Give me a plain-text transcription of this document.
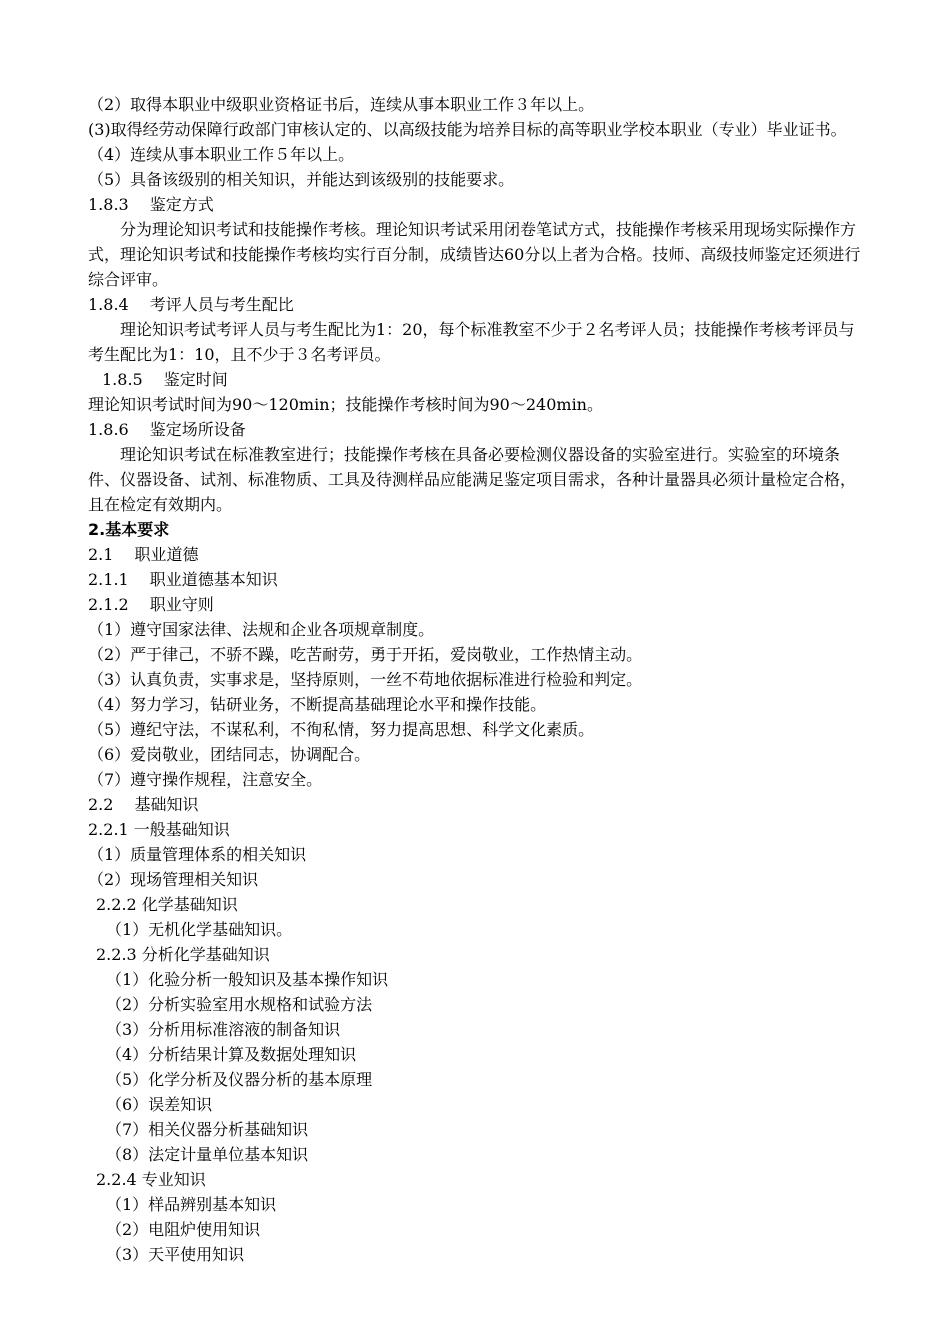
（2）取得本职业中级职业资格证书后，连续从事本职业工作３年以上。

(3)取得经劳动保障行政部门审核认定的、以高级技能为培养目标的高等职业学校本职业（专业）毕业证书。

（4）连续从事本职业工作５年以上。

（5）具备该级别的相关知识，并能达到该级别的技能要求。

1.8.3　 鉴定方式

分为理论知识考试和技能操作考核。理论知识考试采用闭卷笔试方式，技能操作考核采用现场实际操作方式，理论知识考试和技能操作考核均实行百分制，成绩皆达60分以上者为合格。技师、高级技师鉴定还须进行综合评审。

1.8.4　 考评人员与考生配比

理论知识考试考评人员与考生配比为1：20，每个标准教室不少于２名考评人员；技能操作考核考评员与考生配比为1：10，且不少于３名考评员。

1.8.5　 鉴定时间

理论知识考试时间为90～120min；技能操作考核时间为90～240min。

1.8.6　 鉴定场所设备

理论知识考试在标准教室进行；技能操作考核在具备必要检测仪器设备的实验室进行。实验室的环境条件、仪器设备、试剂、标准物质、工具及待测样品应能满足鉴定项目需求，各种计量器具必须计量检定合格，且在检定有效期内。

2.基本要求

2.1　 职业道德

2.1.1　 职业道德基本知识

2.1.2　 职业守则

（1）遵守国家法律、法规和企业各项规章制度。

（2）严于律己，不骄不躁，吃苦耐劳，勇于开拓，爱岗敬业，工作热情主动。

（3）认真负责，实事求是，坚持原则，一丝不苟地依据标准进行检验和判定。

（4）努力学习，钻研业务，不断提高基础理论水平和操作技能。

（5）遵纪守法，不谋私利，不徇私情，努力提高思想、科学文化素质。

（6）爱岗敬业，团结同志，协调配合。

（7）遵守操作规程，注意安全。

2.2　 基础知识

2.2.1 一般基础知识

（1）质量管理体系的相关知识

（2）现场管理相关知识

2.2.2 化学基础知识

（1）无机化学基础知识。

2.2.3 分析化学基础知识

（1）化验分析一般知识及基本操作知识

（2）分析实验室用水规格和试验方法

（3）分析用标准溶液的制备知识

（4）分析结果计算及数据处理知识

（5）化学分析及仪器分析的基本原理

（6）误差知识

（7）相关仪器分析基础知识

（8）法定计量单位基本知识

2.2.4 专业知识

（1）样品辨别基本知识

（2）电阻炉使用知识

（3）天平使用知识
